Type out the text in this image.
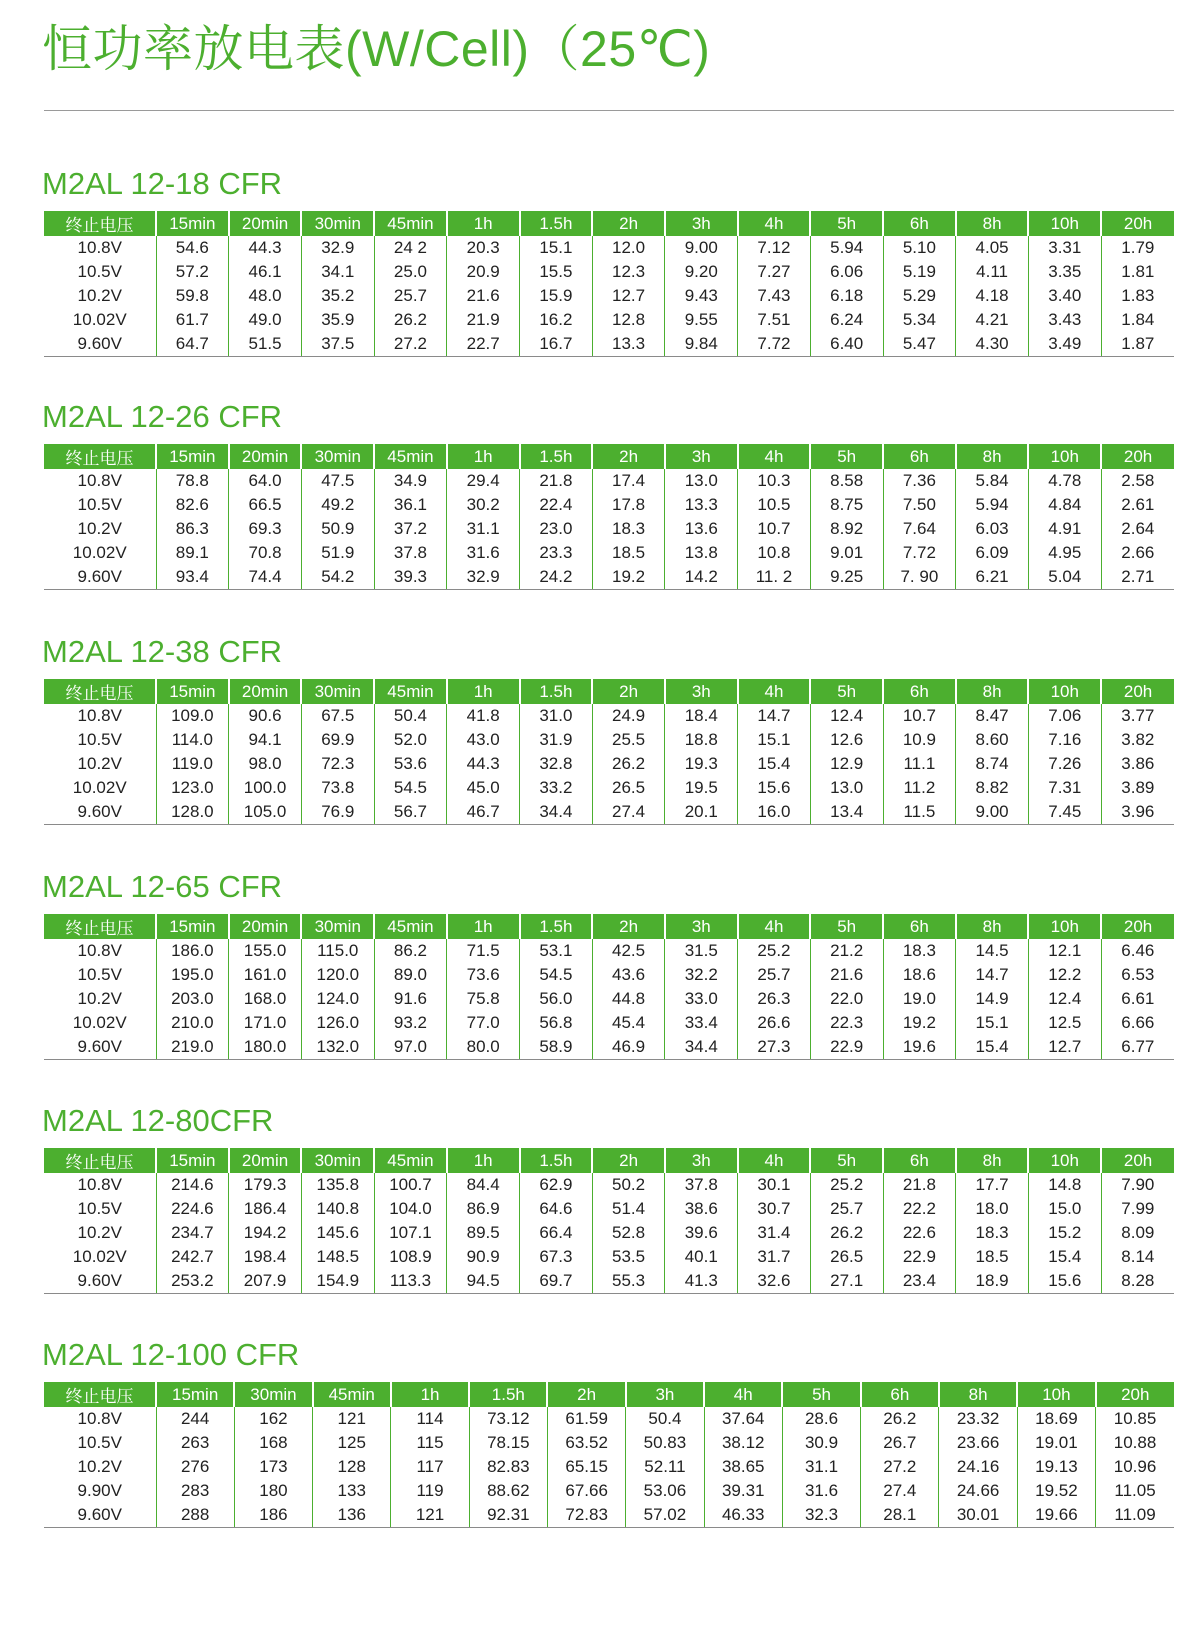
恒功率放电表(W/Cell)（25℃)
M2AL 12-18 CFR
终止电压	15min	20min	30min	45min	1h	1.5h	2h	3h	4h	5h	6h	8h	10h	20h
10.8V	54.6	44.3	32.9	24 2	20.3	15.1	12.0	9.00	7.12	5.94	5.10	4.05	3.31	1.79
10.5V	57.2	46.1	34.1	25.0	20.9	15.5	12.3	9.20	7.27	6.06	5.19	4.11	3.35	1.81
10.2V	59.8	48.0	35.2	25.7	21.6	15.9	12.7	9.43	7.43	6.18	5.29	4.18	3.40	1.83
10.02V	61.7	49.0	35.9	26.2	21.9	16.2	12.8	9.55	7.51	6.24	5.34	4.21	3.43	1.84
9.60V	64.7	51.5	37.5	27.2	22.7	16.7	13.3	9.84	7.72	6.40	5.47	4.30	3.49	1.87
M2AL 12-26 CFR
终止电压	15min	20min	30min	45min	1h	1.5h	2h	3h	4h	5h	6h	8h	10h	20h
10.8V	78.8	64.0	47.5	34.9	29.4	21.8	17.4	13.0	10.3	8.58	7.36	5.84	4.78	2.58
10.5V	82.6	66.5	49.2	36.1	30.2	22.4	17.8	13.3	10.5	8.75	7.50	5.94	4.84	2.61
10.2V	86.3	69.3	50.9	37.2	31.1	23.0	18.3	13.6	10.7	8.92	7.64	6.03	4.91	2.64
10.02V	89.1	70.8	51.9	37.8	31.6	23.3	18.5	13.8	10.8	9.01	7.72	6.09	4.95	2.66
9.60V	93.4	74.4	54.2	39.3	32.9	24.2	19.2	14.2	11. 2	9.25	7. 90	6.21	5.04	2.71
M2AL 12-38 CFR
终止电压	15min	20min	30min	45min	1h	1.5h	2h	3h	4h	5h	6h	8h	10h	20h
10.8V	109.0	90.6	67.5	50.4	41.8	31.0	24.9	18.4	14.7	12.4	10.7	8.47	7.06	3.77
10.5V	114.0	94.1	69.9	52.0	43.0	31.9	25.5	18.8	15.1	12.6	10.9	8.60	7.16	3.82
10.2V	119.0	98.0	72.3	53.6	44.3	32.8	26.2	19.3	15.4	12.9	11.1	8.74	7.26	3.86
10.02V	123.0	100.0	73.8	54.5	45.0	33.2	26.5	19.5	15.6	13.0	11.2	8.82	7.31	3.89
9.60V	128.0	105.0	76.9	56.7	46.7	34.4	27.4	20.1	16.0	13.4	11.5	9.00	7.45	3.96
M2AL 12-65 CFR
终止电压	15min	20min	30min	45min	1h	1.5h	2h	3h	4h	5h	6h	8h	10h	20h
10.8V	186.0	155.0	115.0	86.2	71.5	53.1	42.5	31.5	25.2	21.2	18.3	14.5	12.1	6.46
10.5V	195.0	161.0	120.0	89.0	73.6	54.5	43.6	32.2	25.7	21.6	18.6	14.7	12.2	6.53
10.2V	203.0	168.0	124.0	91.6	75.8	56.0	44.8	33.0	26.3	22.0	19.0	14.9	12.4	6.61
10.02V	210.0	171.0	126.0	93.2	77.0	56.8	45.4	33.4	26.6	22.3	19.2	15.1	12.5	6.66
9.60V	219.0	180.0	132.0	97.0	80.0	58.9	46.9	34.4	27.3	22.9	19.6	15.4	12.7	6.77
M2AL 12-80CFR
终止电压	15min	20min	30min	45min	1h	1.5h	2h	3h	4h	5h	6h	8h	10h	20h
10.8V	214.6	179.3	135.8	100.7	84.4	62.9	50.2	37.8	30.1	25.2	21.8	17.7	14.8	7.90
10.5V	224.6	186.4	140.8	104.0	86.9	64.6	51.4	38.6	30.7	25.7	22.2	18.0	15.0	7.99
10.2V	234.7	194.2	145.6	107.1	89.5	66.4	52.8	39.6	31.4	26.2	22.6	18.3	15.2	8.09
10.02V	242.7	198.4	148.5	108.9	90.9	67.3	53.5	40.1	31.7	26.5	22.9	18.5	15.4	8.14
9.60V	253.2	207.9	154.9	113.3	94.5	69.7	55.3	41.3	32.6	27.1	23.4	18.9	15.6	8.28
M2AL 12-100 CFR
终止电压	15min	30min	45min	1h	1.5h	2h	3h	4h	5h	6h	8h	10h	20h
10.8V	244	162	121	114	73.12	61.59	50.4	37.64	28.6	26.2	23.32	18.69	10.85
10.5V	263	168	125	115	78.15	63.52	50.83	38.12	30.9	26.7	23.66	19.01	10.88
10.2V	276	173	128	117	82.83	65.15	52.11	38.65	31.1	27.2	24.16	19.13	10.96
9.90V	283	180	133	119	88.62	67.66	53.06	39.31	31.6	27.4	24.66	19.52	11.05
9.60V	288	186	136	121	92.31	72.83	57.02	46.33	32.3	28.1	30.01	19.66	11.09
